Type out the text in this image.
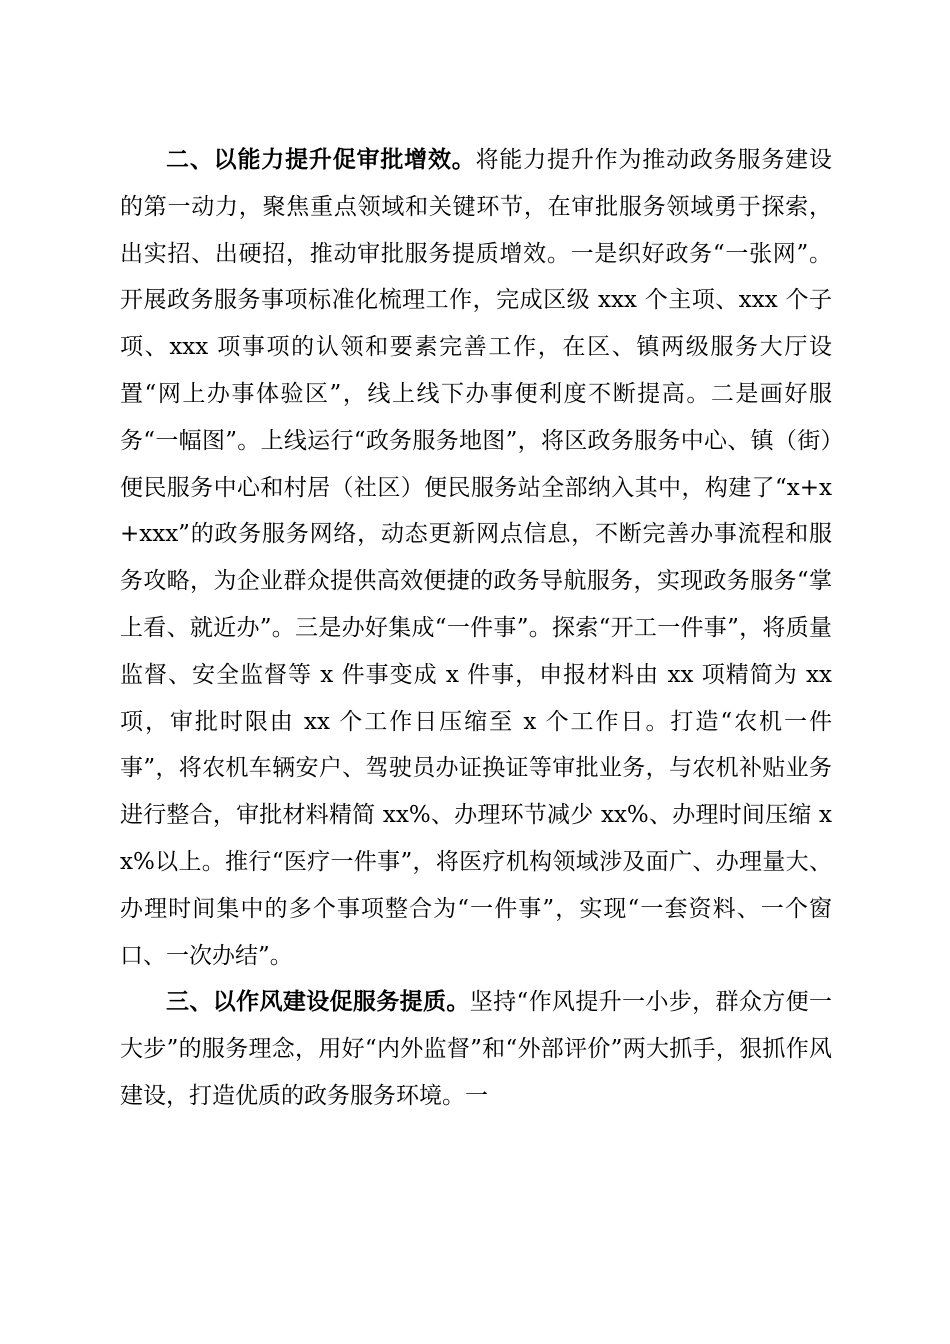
二、以能力提升促审批增效。将能力提升作为推动政务服务建设的第一动力，聚焦重点领域和关键环节，在审批服务领域勇于探索，出实招、出硬招，推动审批服务提质增效。一是织好政务“一张网”。开展政务服务事项标准化梳理工作，完成区级 xxx 个主项、xxx 个子项、xxx 项事项的认领和要素完善工作，在区、镇两级服务大厅设置“网上办事体验区”，线上线下办事便利度不断提高。二是画好服务“一幅图”。上线运行“政务服务地图”，将区政务服务中心、镇（街）便民服务中心和村居（社区）便民服务站全部纳入其中，构建了“x+x+xxx”的政务服务网络，动态更新网点信息，不断完善办事流程和服务攻略，为企业群众提供高效便捷的政务导航服务，实现政务服务“掌上看、就近办”。三是办好集成“一件事”。探索“开工一件事”，将质量监督、安全监督等 x 件事变成 x 件事，申报材料由 xx 项精简为 xx 项，审批时限由 xx 个工作日压缩至 x 个工作日。打造“农机一件事”，将农机车辆安户、驾驶员办证换证等审批业务，与农机补贴业务进行整合，审批材料精简 xx%、办理环节减少 xx%、办理时间压缩 xx%以上。推行“医疗一件事”，将医疗机构领域涉及面广、办理量大、办理时间集中的多个事项整合为“一件事”，实现“一套资料、一个窗口、一次办结”。

三、以作风建设促服务提质。坚持“作风提升一小步，群众方便一大步”的服务理念，用好“内外监督”和“外部评价”两大抓手，狠抓作风建设，打造优质的政务服务环境。一
